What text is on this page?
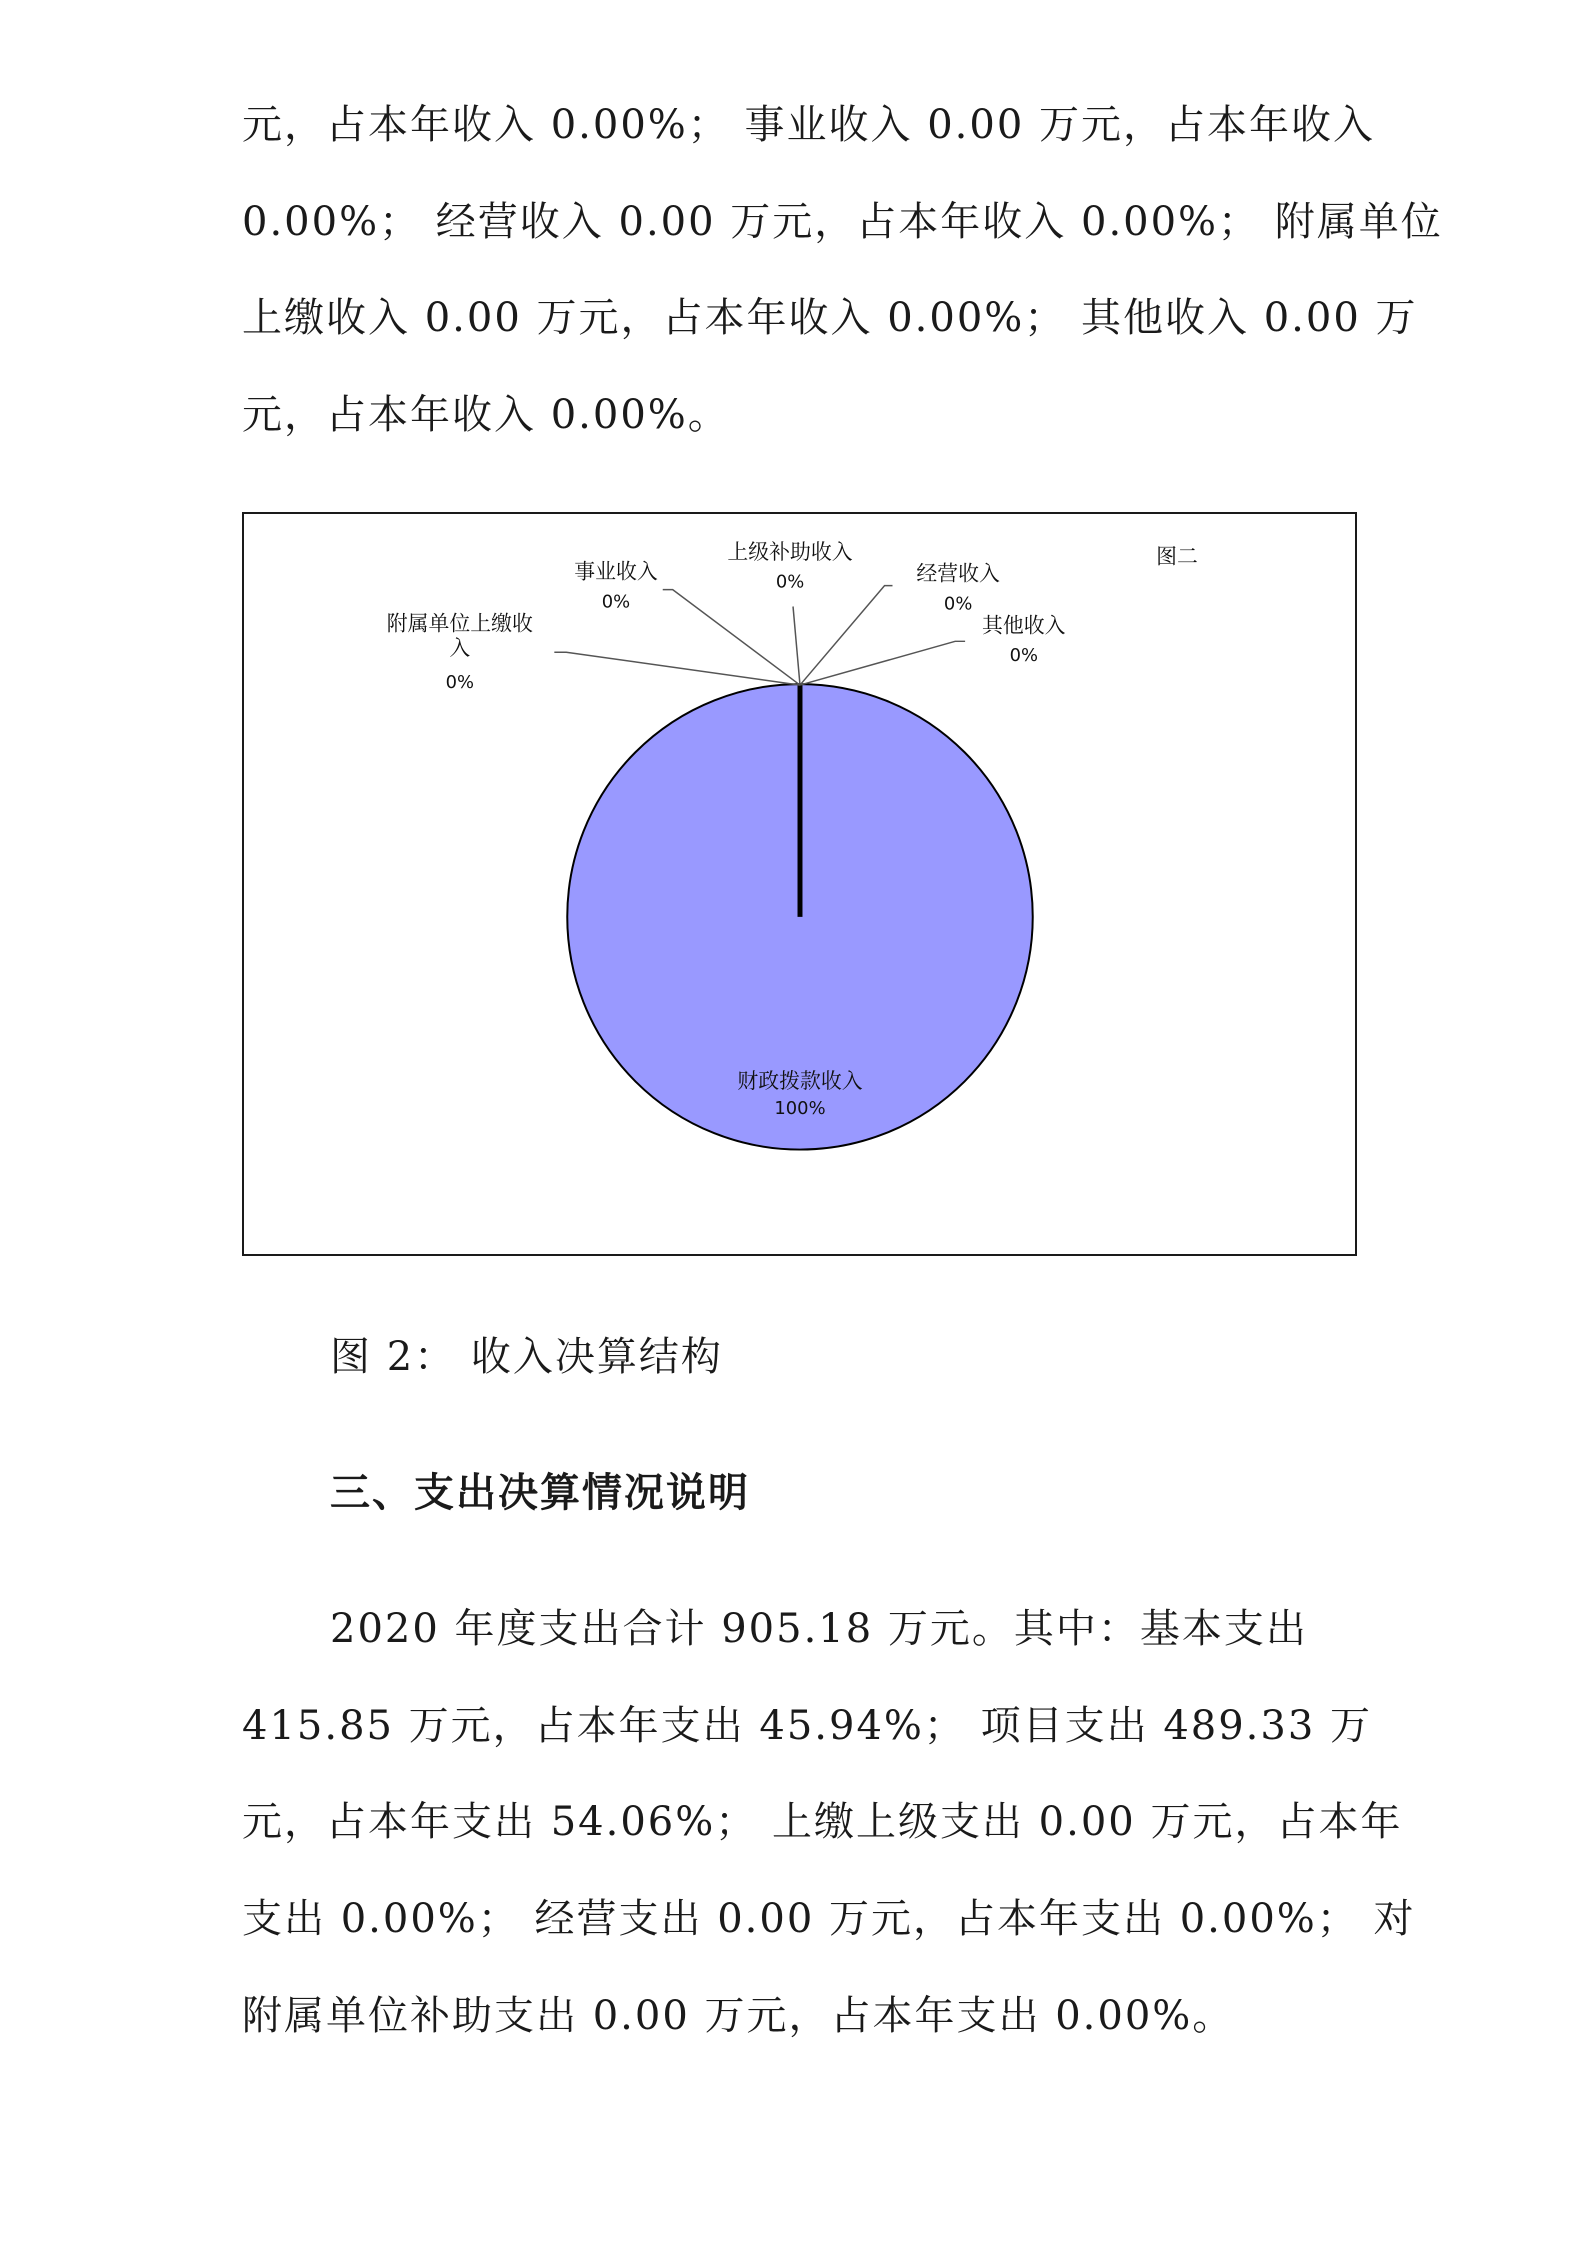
元，占本年收入 0.00%； 事业收入 0.00 万元，占本年收入

0.00%； 经营收入 0.00 万元，占本年收入 0.00%； 附属单位

上缴收入 0.00 万元，占本年收入 0.00%； 其他收入 0.00 万

元，占本年收入 0.00%。

图二
财政拨款收入
100%
附属单位上缴收
入
0%
事业收入
0%
上级补助收入
0%	经营收入
0%
其他收入
0%

图 2： 收入决算结构

三、支出决算情况说明

2020 年度支出合计 905.18 万元。其中：基本支出

415.85 万元，占本年支出 45.94%； 项目支出 489.33 万

元，占本年支出 54.06%； 上缴上级支出 0.00 万元，占本年

支出 0.00%； 经营支出 0.00 万元，占本年支出 0.00%； 对

附属单位补助支出 0.00 万元，占本年支出 0.00%。
